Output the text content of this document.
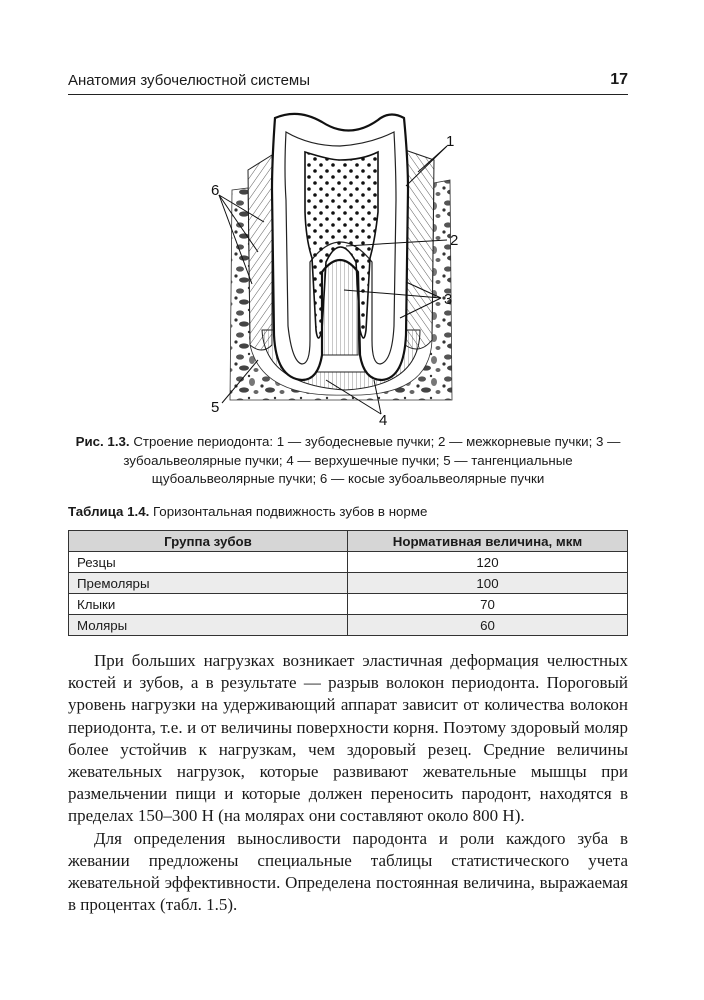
Анатомия зубочелюстной системы	17
1
2
3
4
5
6
Рис. 1.3. Строение периодонта: 1 — зубодесневые пучки; 2 — межкорневые пучки; 3 — зубоальвеолярные пучки; 4 — верхушечные пучки; 5 — тангенциальные щубоальвеолярные пучки; 6 — косые зубоальвеолярные пучки
Таблица 1.4. Горизонтальная подвижность зубов в норме
Группа зубов	Нормативная величина, мкм
Резцы	120
Премоляры	100
Клыки	70
Моляры	60

При больших нагрузках возникает эластичная деформация челюстных костей и зубов, а в результате — разрыв волокон периодонта. Пороговый уровень нагрузки на удерживающий аппарат зависит от количества волокон периодонта, т.е. и от величины поверхности корня. Поэтому здоровый моляр более устойчив к нагрузкам, чем здоровый резец. Средние величины жевательных нагрузок, которые развивают жевательные мышцы при размельчении пищи и которые должен переносить пародонт, находятся в пределах 150–300 Н (на молярах они составляют около 800 Н).

Для определения выносливости пародонта и роли каждого зуба в жевании предложены специальные таблицы статистического учета жевательной эффективности. Определена постоянная величина, выражаемая в процентах (табл. 1.5).
